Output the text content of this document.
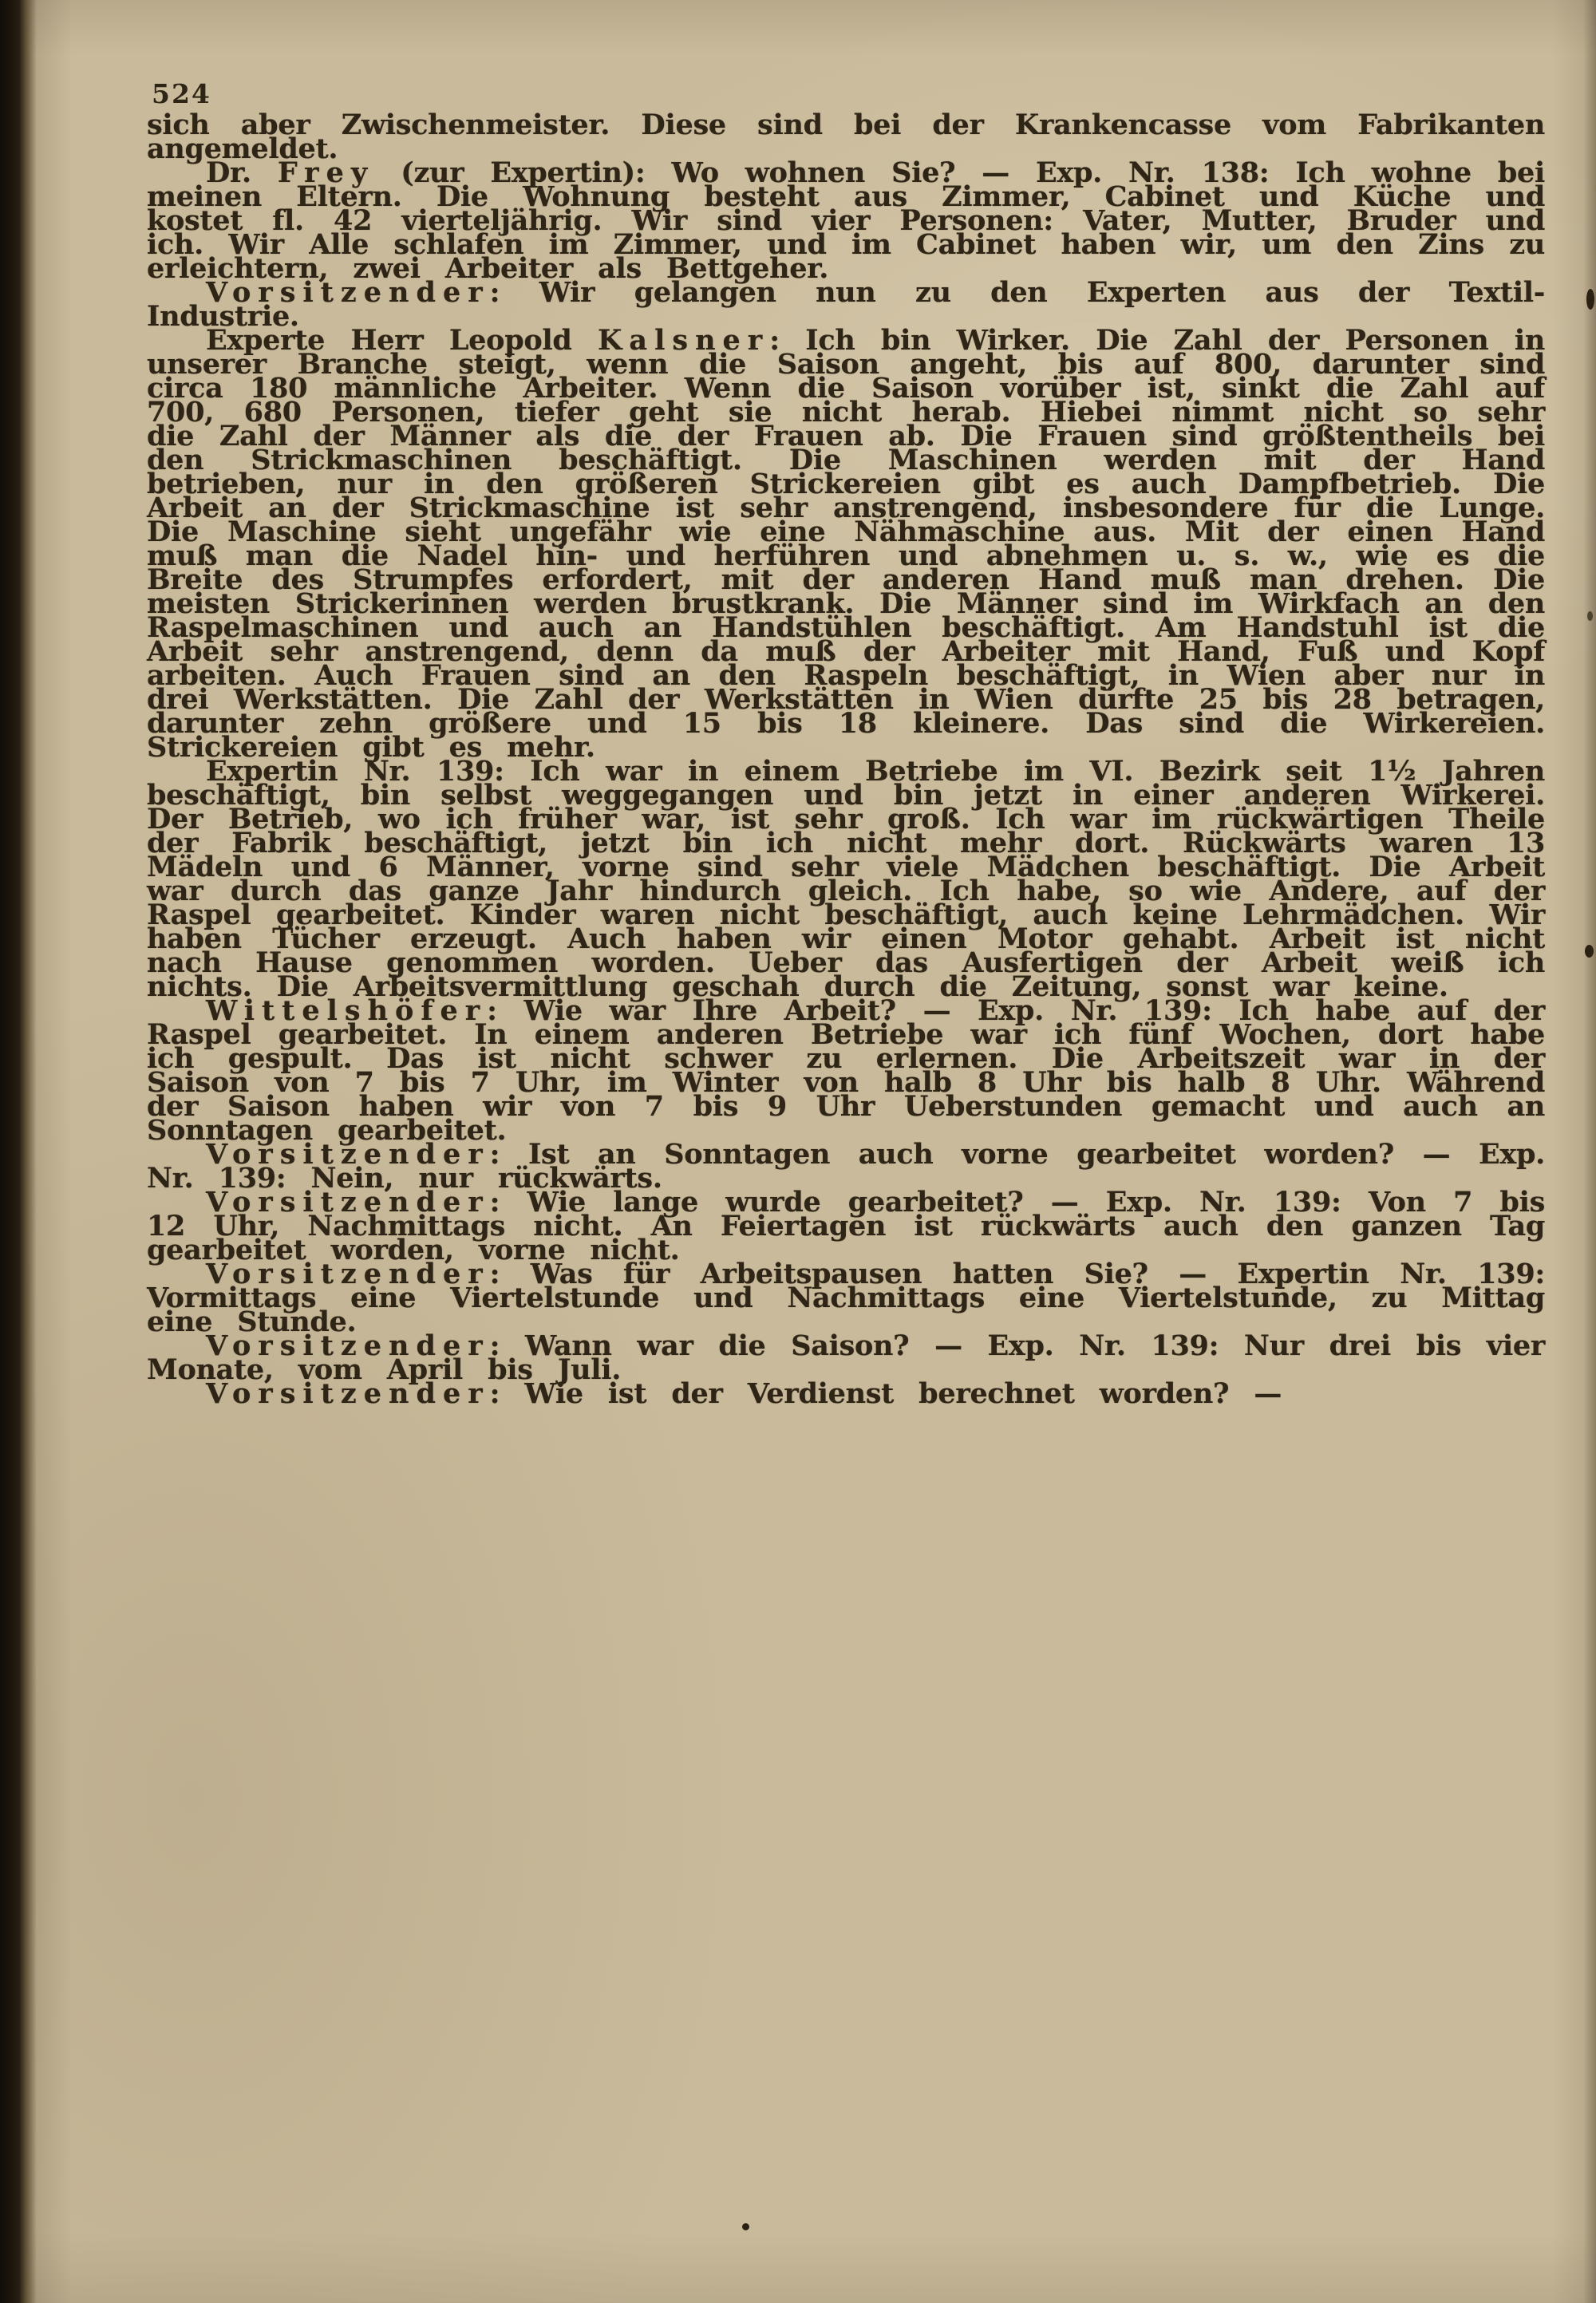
524

sich aber Zwischenmeister. Diese sind bei der Krankencasse vom Fabrikanten angemeldet.

Dr. Frey (zur Expertin): Wo wohnen Sie? — Exp. Nr. 138: Ich wohne bei meinen Eltern. Die Wohnung besteht aus Zimmer, Cabinet und Küche und kostet fl. 42 vierteljährig. Wir sind vier Personen: Vater, Mutter, Bruder und ich. Wir Alle schlafen im Zimmer, und im Cabinet haben wir, um den Zins zu erleichtern, zwei Arbeiter als Bettgeher.

Vorsitzender: Wir gelangen nun zu den Experten aus der Textil-Industrie.

Experte Herr Leopold Kalsner: Ich bin Wirker. Die Zahl der Personen in unserer Branche steigt, wenn die Saison angeht, bis auf 800, darunter sind circa 180 männliche Arbeiter. Wenn die Saison vorüber ist, sinkt die Zahl auf 700, 680 Personen, tiefer geht sie nicht herab. Hiebei nimmt nicht so sehr die Zahl der Männer als die der Frauen ab. Die Frauen sind größtentheils bei den Strickmaschinen beschäftigt. Die Maschinen werden mit der Hand betrieben, nur in den größeren Strickereien gibt es auch Dampfbetrieb. Die Arbeit an der Strickmaschine ist sehr anstrengend, insbesondere für die Lunge. Die Maschine sieht ungefähr wie eine Nähmaschine aus. Mit der einen Hand muß man die Nadel hin- und herführen und abnehmen u. s. w., wie es die Breite des Strumpfes erfordert, mit der anderen Hand muß man drehen. Die meisten Strickerinnen werden brustkrank. Die Männer sind im Wirkfach an den Raspelmaschinen und auch an Handstühlen beschäftigt. Am Handstuhl ist die Arbeit sehr anstrengend, denn da muß der Arbeiter mit Hand, Fuß und Kopf arbeiten. Auch Frauen sind an den Raspeln beschäftigt, in Wien aber nur in drei Werkstätten. Die Zahl der Werkstätten in Wien dürfte 25 bis 28 betragen, darunter zehn größere und 15 bis 18 kleinere. Das sind die Wirkereien. Strickereien gibt es mehr.

Expertin Nr. 139: Ich war in einem Betriebe im VI. Bezirk seit 1½ Jahren beschäftigt, bin selbst weggegangen und bin jetzt in einer anderen Wirkerei. Der Betrieb, wo ich früher war, ist sehr groß. Ich war im rückwärtigen Theile der Fabrik beschäftigt, jetzt bin ich nicht mehr dort. Rückwärts waren 13 Mädeln und 6 Männer, vorne sind sehr viele Mädchen beschäftigt. Die Arbeit war durch das ganze Jahr hindurch gleich. Ich habe, so wie Andere, auf der Raspel gearbeitet. Kinder waren nicht beschäftigt, auch keine Lehrmädchen. Wir haben Tücher erzeugt. Auch haben wir einen Motor gehabt. Arbeit ist nicht nach Hause genommen worden. Ueber das Ausfertigen der Arbeit weiß ich nichts. Die Arbeitsvermittlung geschah durch die Zeitung, sonst war keine.

Wittelshöfer: Wie war Ihre Arbeit? — Exp. Nr. 139: Ich habe auf der Raspel gearbeitet. In einem anderen Betriebe war ich fünf Wochen, dort habe ich gespult. Das ist nicht schwer zu erlernen. Die Arbeitszeit war in der Saison von 7 bis 7 Uhr, im Winter von halb 8 Uhr bis halb 8 Uhr. Während der Saison haben wir von 7 bis 9 Uhr Ueberstunden gemacht und auch an Sonntagen gearbeitet.

Vorsitzender: Ist an Sonntagen auch vorne gearbeitet worden? — Exp. Nr. 139: Nein, nur rückwärts.

Vorsitzender: Wie lange wurde gearbeitet? — Exp. Nr. 139: Von 7 bis 12 Uhr, Nachmittags nicht. An Feiertagen ist rückwärts auch den ganzen Tag gearbeitet worden, vorne nicht.

Vorsitzender: Was für Arbeitspausen hatten Sie? — Expertin Nr. 139: Vormittags eine Viertelstunde und Nachmittags eine Viertelstunde, zu Mittag eine Stunde.

Vorsitzender: Wann war die Saison? — Exp. Nr. 139: Nur drei bis vier Monate, vom April bis Juli.

Vorsitzender: Wie ist der Verdienst berechnet worden? —
